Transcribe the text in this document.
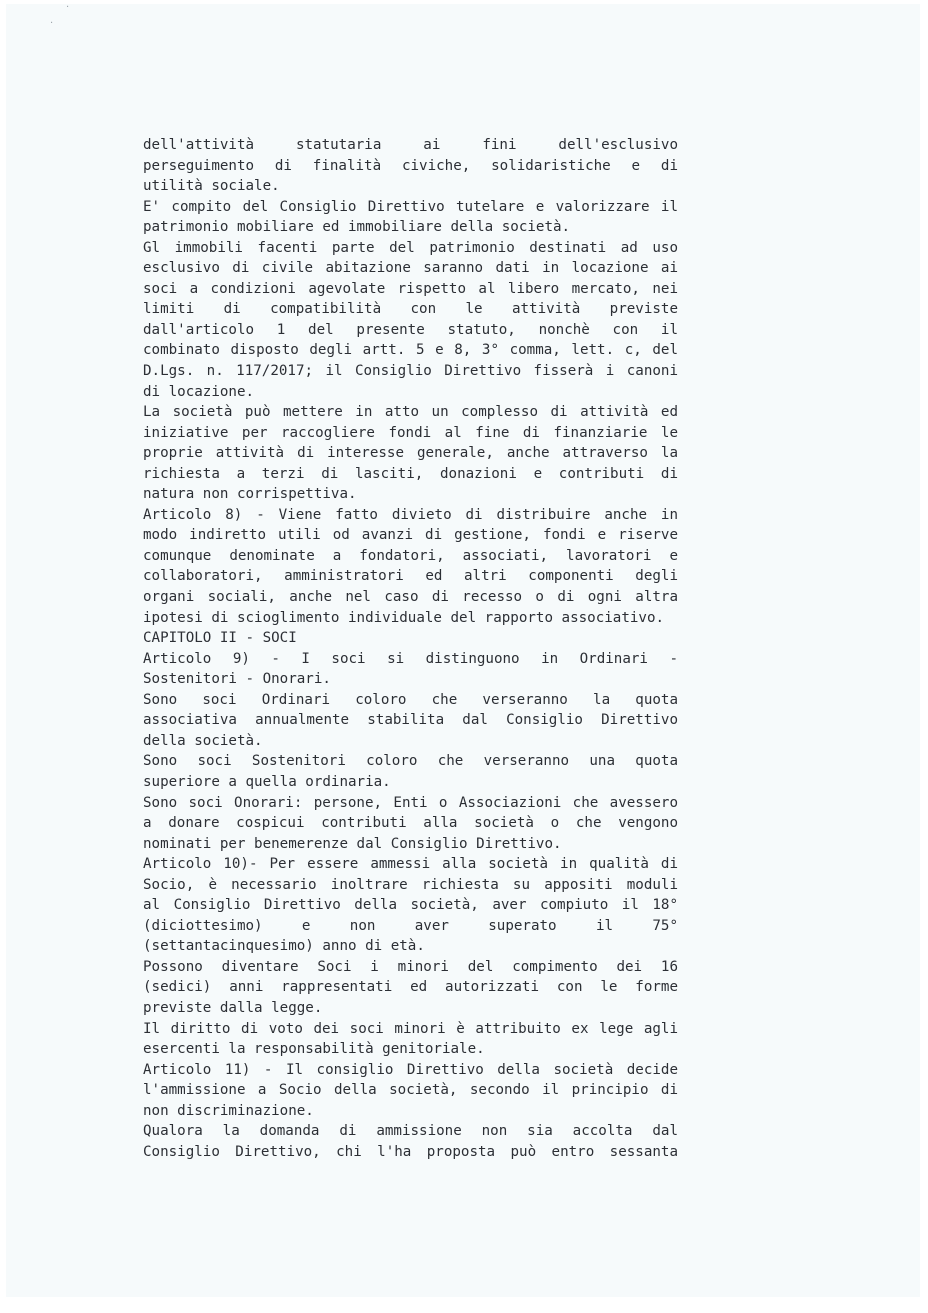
·
·
dell'attività statutaria ai fini dell'esclusivo
perseguimento di finalità civiche, solidaristiche e di
utilità sociale.
E' compito del Consiglio Direttivo tutelare e valorizzare il
patrimonio mobiliare ed immobiliare della società.
Gl immobili facenti parte del patrimonio destinati ad uso
esclusivo di civile abitazione saranno dati in locazione ai
soci a condizioni agevolate rispetto al libero mercato, nei
limiti di compatibilità con le attività previste
dall'articolo 1 del presente statuto, nonchè con il
combinato disposto degli artt. 5 e 8, 3° comma, lett. c, del
D.Lgs. n. 117/2017; il Consiglio Direttivo fisserà i canoni
di locazione.
La società può mettere in atto un complesso di attività ed
iniziative per raccogliere fondi al fine di finanziarie le
proprie attività di interesse generale, anche attraverso la
richiesta a terzi di lasciti, donazioni e contributi di
natura non corrispettiva.
Articolo 8) - Viene fatto divieto di distribuire anche in
modo indiretto utili od avanzi di gestione, fondi e riserve
comunque denominate a fondatori, associati, lavoratori e
collaboratori, amministratori ed altri componenti degli
organi sociali, anche nel caso di recesso o di ogni altra
ipotesi di scioglimento individuale del rapporto associativo.
CAPITOLO II - SOCI
Articolo 9) - I soci si distinguono in Ordinari -
Sostenitori - Onorari.
Sono soci Ordinari coloro che verseranno la quota
associativa annualmente stabilita dal Consiglio Direttivo
della società.
Sono soci Sostenitori coloro che verseranno una quota
superiore a quella ordinaria.
Sono soci Onorari: persone, Enti o Associazioni che avessero
a donare cospicui contributi alla società o che vengono
nominati per benemerenze dal Consiglio Direttivo.
Articolo 10)- Per essere ammessi alla società in qualità di
Socio, è necessario inoltrare richiesta su appositi moduli
al Consiglio Direttivo della società, aver compiuto il 18°
(diciottesimo) e non aver superato il 75°
(settantacinquesimo) anno di età.
Possono diventare Soci i minori del compimento dei 16
(sedici) anni rappresentati ed autorizzati con le forme
previste dalla legge.
Il diritto di voto dei soci minori è attribuito ex lege agli
esercenti la responsabilità genitoriale.
Articolo 11) - Il consiglio Direttivo della società decide
l'ammissione a Socio della società, secondo il principio di
non discriminazione.
Qualora la domanda di ammissione non sia accolta dal
Consiglio Direttivo, chi l'ha proposta può entro sessanta
